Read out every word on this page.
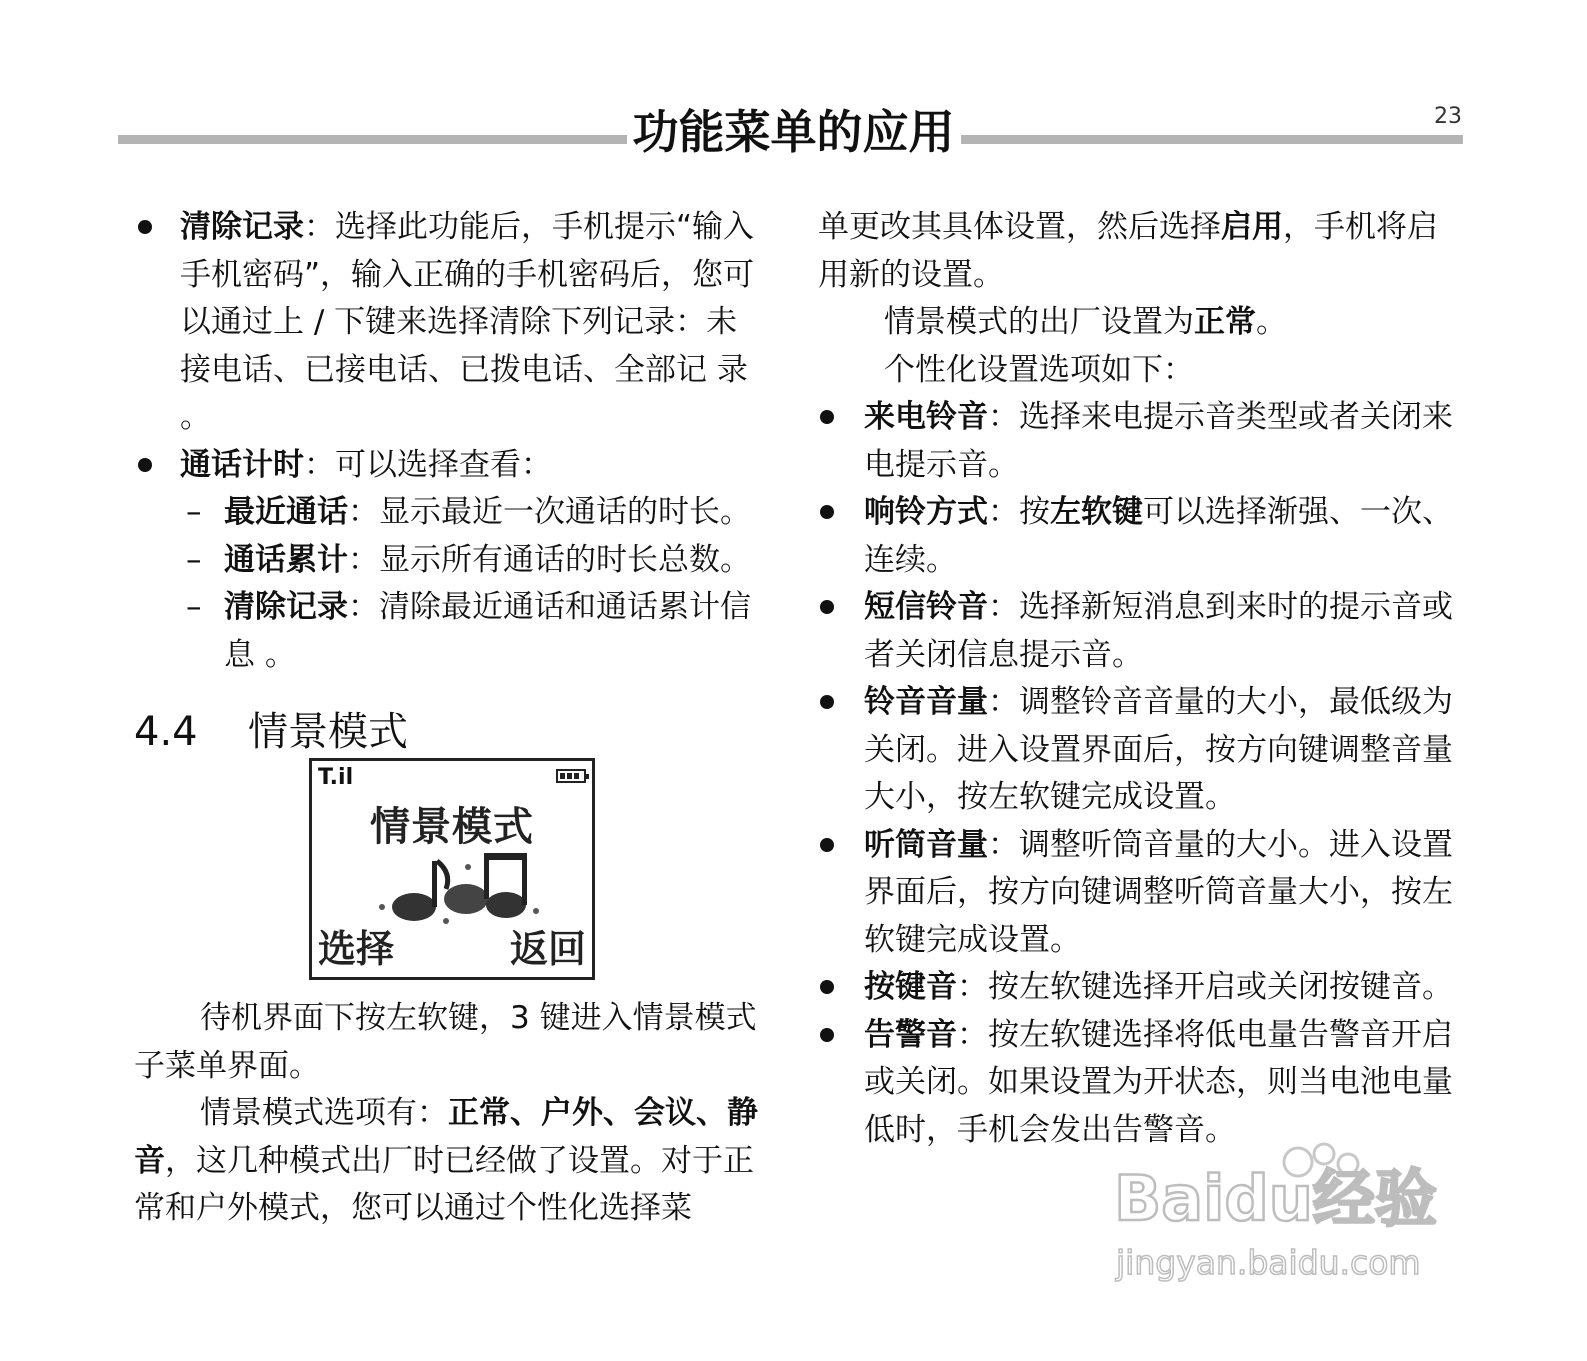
功能菜单的应用	23
清除记录：选择此功能后，手机提示“输入手机密码”，输入正确的手机密码后，您可以通过上 / 下键来选择清除下列记录：未接电话、已接电话、已拨电话、全部记 录 。
通话计时：可以选择查看：
– 最近通话：显示最近一次通话的时长。
– 通话累计：显示所有通话的时长总数。
– 清除记录：清除最近通话和通话累计信息 。
4.4 情景模式
待机界面下按左软键，3 键进入情景模式子菜单界面。
情景模式选项有：正常、户外、会议、静音，这几种模式出厂时已经做了设置。对于正常和户外模式，您可以通过个性化选择菜
T.il
情景模式
选择	返回
单更改其具体设置，然后选择启用，手机将启用新的设置。
情景模式的出厂设置为正常。
个性化设置选项如下：
来电铃音：选择来电提示音类型或者关闭来电提示音。
响铃方式：按左软键可以选择渐强、一次、连续。
短信铃音：选择新短消息到来时的提示音或者关闭信息提示音。
铃音音量：调整铃音音量的大小，最低级为关闭。进入设置界面后，按方向键调整音量大小，按左软键完成设置。
听筒音量：调整听筒音量的大小。进入设置界面后，按方向键调整听筒音量大小，按左软键完成设置。
按键音：按左软键选择开启或关闭按键音。
告警音：按左软键选择将低电量告警音开启或关闭。如果设置为开状态，则当电池电量低时，手机会发出告警音。
Baidu经验
jingyan.baidu.com
